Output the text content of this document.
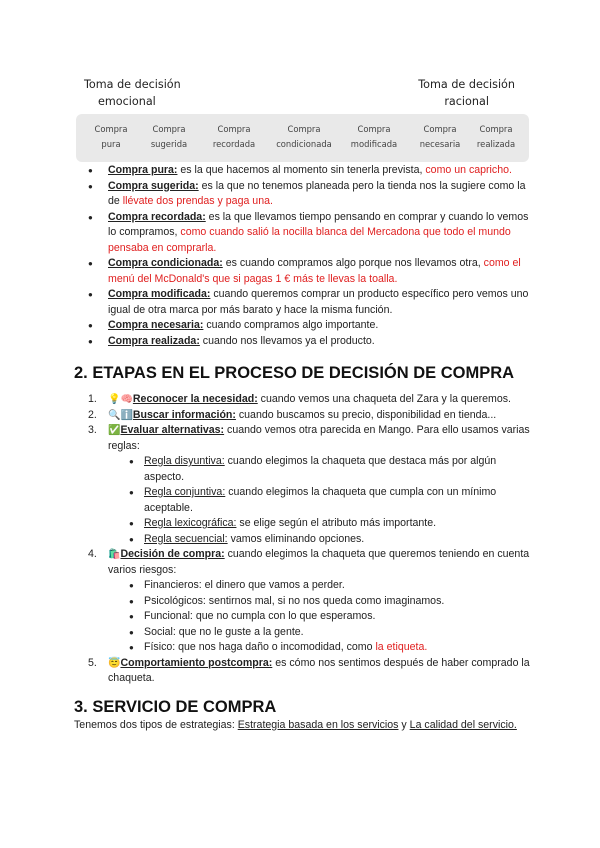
Toma de decisión
emocional
Toma de decisión
racional
Compra
pura
Compra
sugerida
Compra
recordada
Compra
condicionada
Compra
modificada
Compra
necesaria
Compra
realizada
● Compra pura: es la que hacemos al momento sin tenerla prevista, como un capricho.
● Compra sugerida: es la que no tenemos planeada pero la tienda nos la sugiere como la de llévate dos prendas y paga una.
● Compra recordada: es la que llevamos tiempo pensando en comprar y cuando lo vemos lo compramos, como cuando salió la nocilla blanca del Mercadona que todo el mundo pensaba en comprarla.
● Compra condicionada: es cuando compramos algo porque nos llevamos otra, como el menú del McDonald's que si pagas 1 € más te llevas la toalla.
● Compra modificada: cuando queremos comprar un producto específico pero vemos uno igual de otra marca por más barato y hace la misma función.
● Compra necesaria: cuando compramos algo importante.
● Compra realizada: cuando nos llevamos ya el producto.
2. ETAPAS EN EL PROCESO DE DECISIÓN DE COMPRA
1. 💡🧠Reconocer la necesidad: cuando vemos una chaqueta del Zara y la queremos.
2. 🔍ℹ️Buscar información: cuando buscamos su precio, disponibilidad en tienda...
3. ✅Evaluar alternativas: cuando vemos otra parecida en Mango. Para ello usamos varias reglas:
● Regla disyuntiva: cuando elegimos la chaqueta que destaca más por algún aspecto.
● Regla conjuntiva: cuando elegimos la chaqueta que cumpla con un mínimo aceptable.
● Regla lexicográfica: se elige según el atributo más importante.
● Regla secuencial: vamos eliminando opciones.
4. 🛍️Decisión de compra: cuando elegimos la chaqueta que queremos teniendo en cuenta varios riesgos:
● Financieros: el dinero que vamos a perder.
● Psicológicos: sentirnos mal, si no nos queda como imaginamos.
● Funcional: que no cumpla con lo que esperamos.
● Social: que no le guste a la gente.
● Físico: que nos haga daño o incomodidad, como la etiqueta.
5. 😇Comportamiento postcompra: es cómo nos sentimos después de haber comprado la chaqueta.
3. SERVICIO DE COMPRA

Tenemos dos tipos de estrategias: Estrategia basada en los servicios y La calidad del servicio.
